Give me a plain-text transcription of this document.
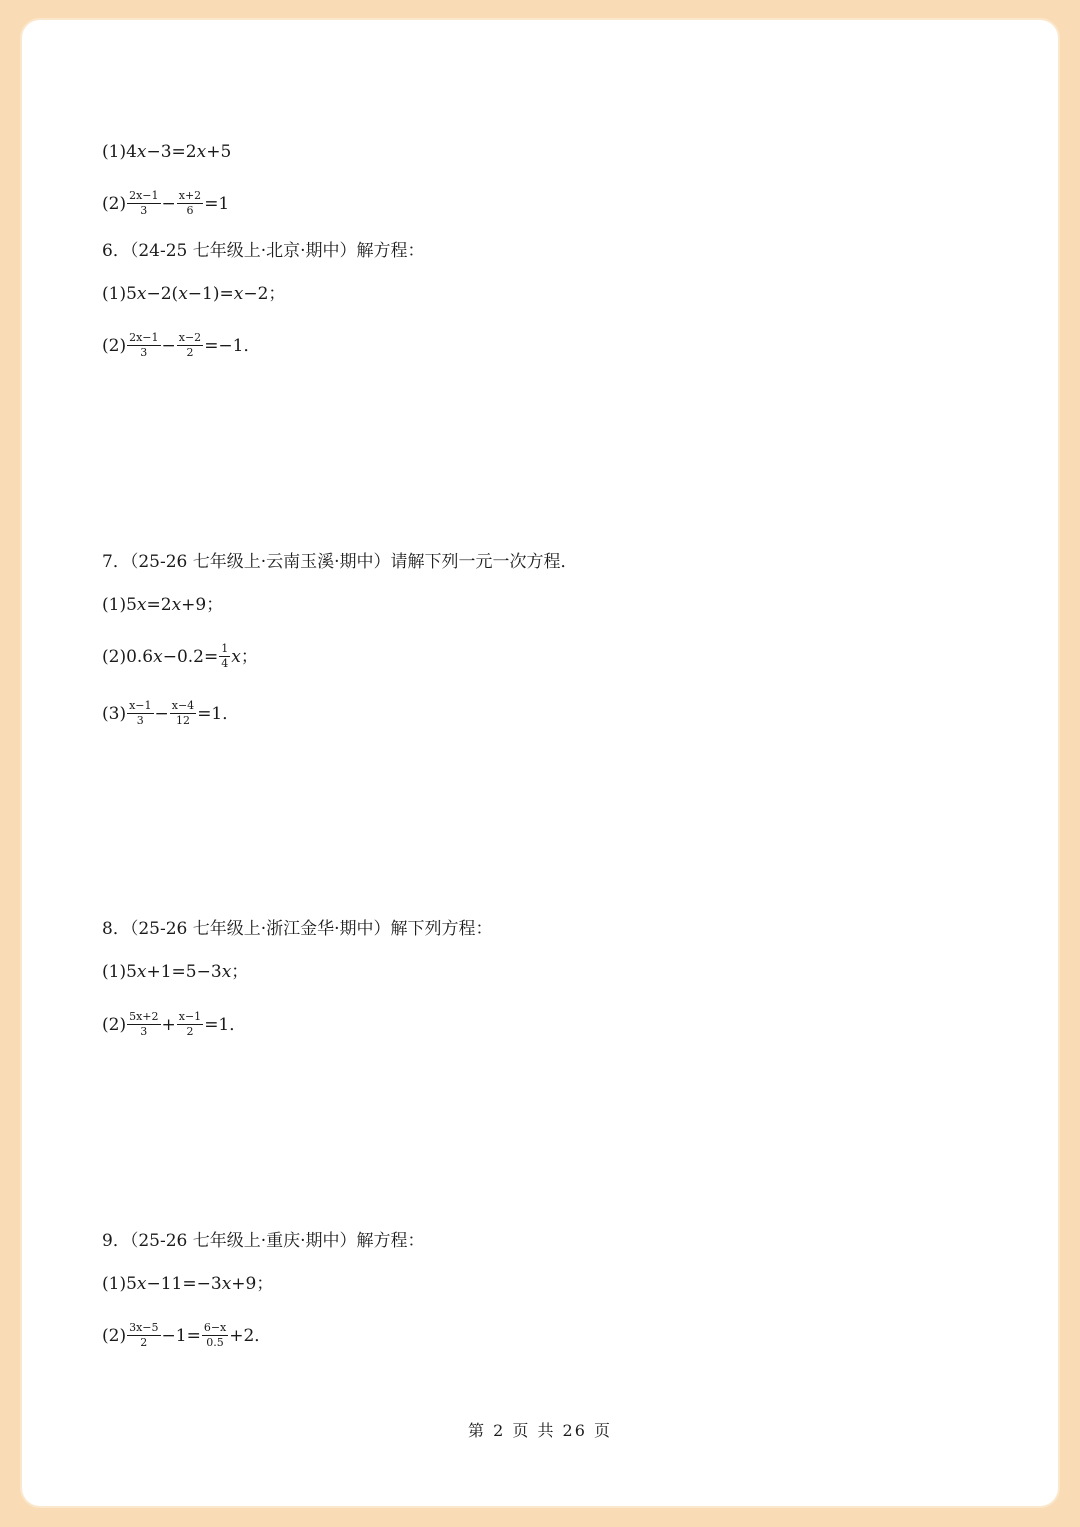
(1)4 x −3=2 x +5
$(2) \frac{2x-1}{3} - \frac{x+2}{6} =1$
6．（24-25 七年级上·北京·期中）解方程：
(1)5 x −2( x −1)= x −2；
$(2) \frac{2x-1}{3} - \frac{x-2}{2} =-1$．
7．（25-26 七年级上·云南玉溪·期中）请解下列一元一次方程．
(1)5 x =2 x +9；
(2)0.6 $x -0.2= \frac{1}{4}$ x ；
$(3) \frac{x-1}{3} - \frac{x-4}{12} =1$．
8．（25-26 七年级上·浙江金华·期中）解下列方程：
(1)5 x +1=5−3 x ；
$(2) \frac{5x+2}{3} + \frac{x-1}{2} =1$．
9．（25-26 七年级上·重庆·期中）解方程：
(1)5 x −11=−3 x +9；
$(2) \frac{3x-5}{2} -1= \frac{6-x}{0.5} +2$．
第 2 页 共 26 页
